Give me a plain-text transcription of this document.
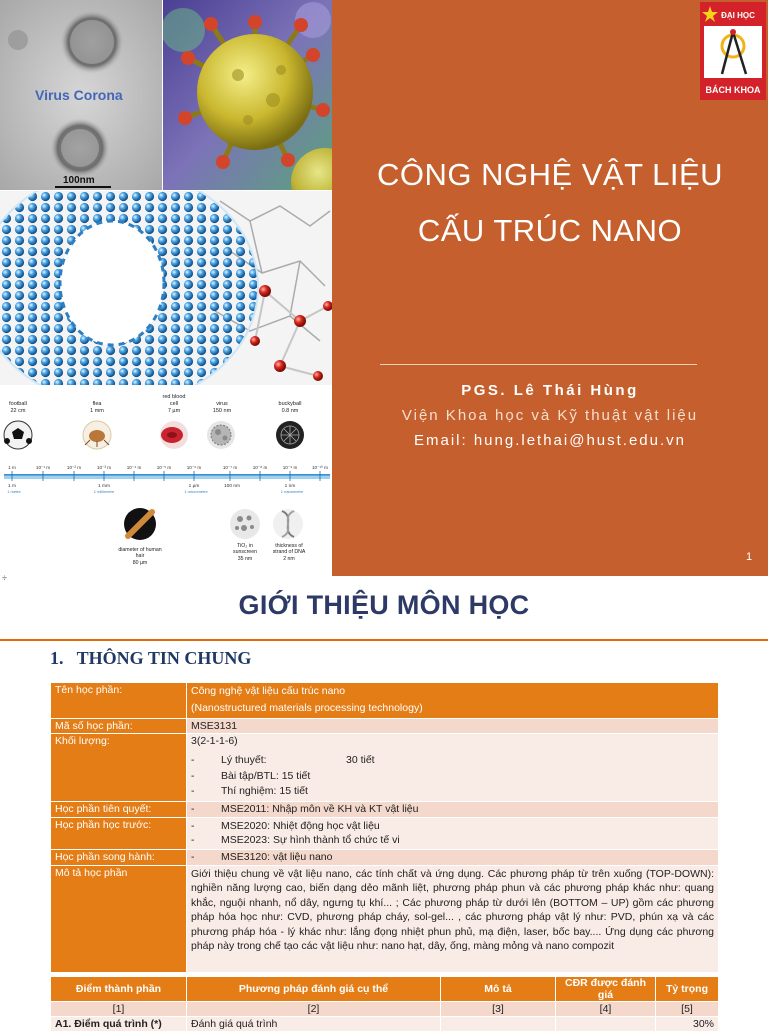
Virus Corona
100nm
football
22 cm
flea
1 mm
red blood
cell
7 µm
virus
150 nm
buckyball
0.8 nm
1 m	10⁻¹ m	10⁻² m	10⁻³ m	10⁻⁴ m	10⁻⁵ m	10⁻⁶ m	10⁻⁷ m	10⁻⁸ m	10⁻⁹ m	10⁻¹⁰ m
1 m	1 mm	1 µm	100 nm	1 nm
1 metre	1 millimetre	1 micrometre	1 nanometre
diameter of human
hair
80 µm
TiO₂ in
sunscreen
35 nm
thickness of
strand of DNA
2 nm
ĐẠI HỌC
BÁCH KHOA
CÔNG NGHỆ VẬT LIỆU
CẤU TRÚC NANO
PGS. Lê Thái Hùng
Viện Khoa học và Kỹ thuật vật liệu
Email: hung.lethai@hust.edu.vn
1
÷
GIỚI THIỆU MÔN HỌC
1.   THÔNG TIN CHUNG
Tên học phần:	Công nghệ vật liệu cấu trúc nano
(Nanostructured materials processing technology)

Mã số học phần:	MSE3131
Khối lượng:	3(2-1-1-6)
- Lý thuyết: 30 tiết
- Bài tập/BTL: 15 tiết
- Thí nghiệm: 15 tiết

Học phần tiên quyết:	- MSE2011: Nhập môn về KH và KT vật liệu

Học phần học trước:	- MSE2020: Nhiệt động học vật liệu
- MSE2023: Sự hình thành tổ chức tế vi

Học phần song hành:	- MSE3120: vật liệu nano

Mô tả học phần	Giới thiệu chung về vật liệu nano, các tính chất và ứng dụng. Các phương pháp từ trên xuống (TOP-DOWN): nghiền năng lượng cao, biến dạng dẻo mãnh liệt, phương pháp phun và các phương pháp khác như: quang khắc, nguội nhanh, nổ dây, ngưng tụ khí... ; Các phương pháp từ dưới lên (BOTTOM – UP) gồm các phương pháp hóa học như: CVD, phương pháp cháy, sol-gel... , các phương pháp vật lý như: PVD, phún xạ và các phương pháp hóa - lý khác như: lắng đọng nhiệt phun phủ, mạ điện, laser, bốc bay.... Ứng dụng các phương pháp này trong chế tạo các vật liệu như: nano hạt, dây, ống, màng mỏng và nano compozit
Điểm thành phần	Phương pháp đánh giá cụ thể	Mô tả	CĐR được đánh giá	Tỷ trọng
[1]	[2]	[3]	[4]	[5]
A1. Điểm quá trình (*)	Đánh giá quá trình			30%
